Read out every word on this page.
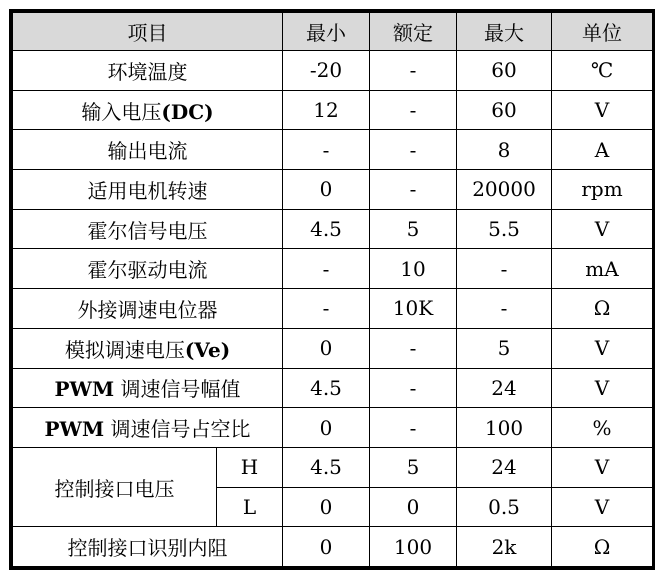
项目		最小	额定	最大	单位
环境温度		-20	-	60	℃
输入电压(DC)		12	-	60	V
输出电流		-	-	8	A
适用电机转速		0	-	20000	rpm
霍尔信号电压		4.5	5	5.5	V
霍尔驱动电流		-	10	-	mA
外接调速电位器		-	10K	-	Ω
模拟调速电压(Ve)		0	-	5	V
PWM 调速信号幅值		4.5	-	24	V
PWM 调速信号占空比		0	-	100	%
控制接口电压	H	4.5	5	24	V
	L	0	0	0.5	V
控制接口识别内阻		0	100	2k	Ω
